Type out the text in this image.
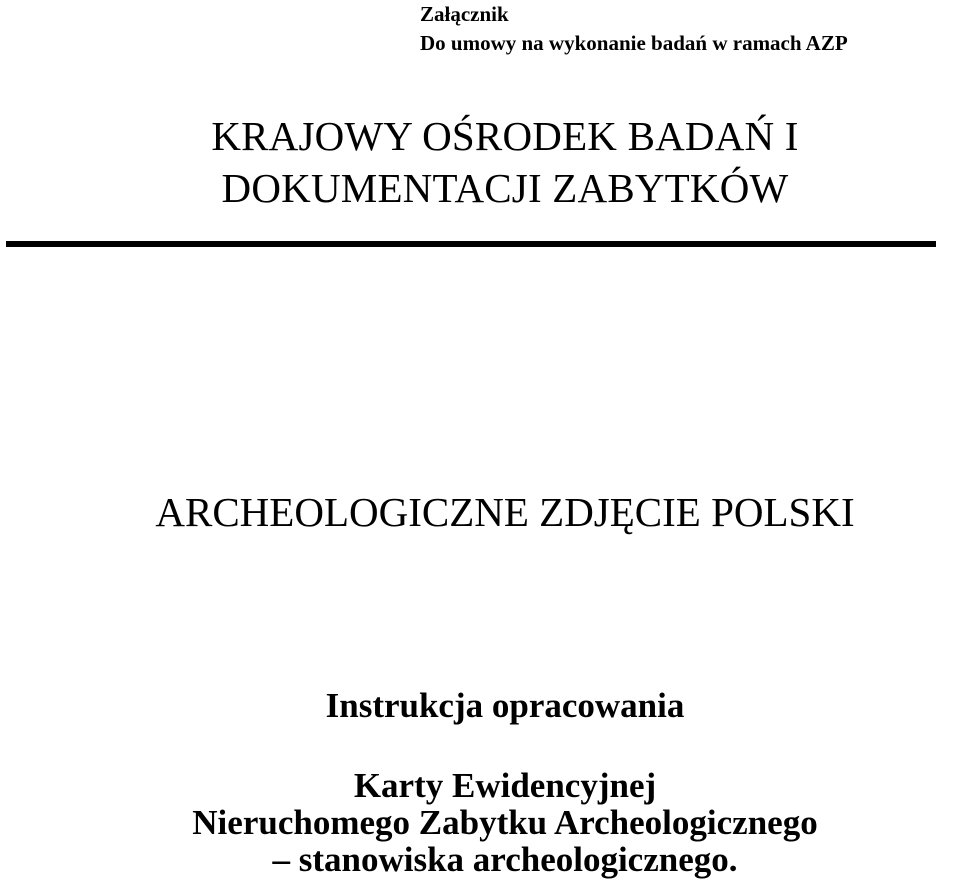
Załącznik
Do umowy na wykonanie badań w ramach AZP
KRAJOWY OŚRODEK BADAŃ I
DOKUMENTACJI ZABYTKÓW
ARCHEOLOGICZNE ZDJĘCIE POLSKI
Instrukcja opracowania
Karty Ewidencyjnej
Nieruchomego Zabytku Archeologicznego
– stanowiska archeologicznego.
